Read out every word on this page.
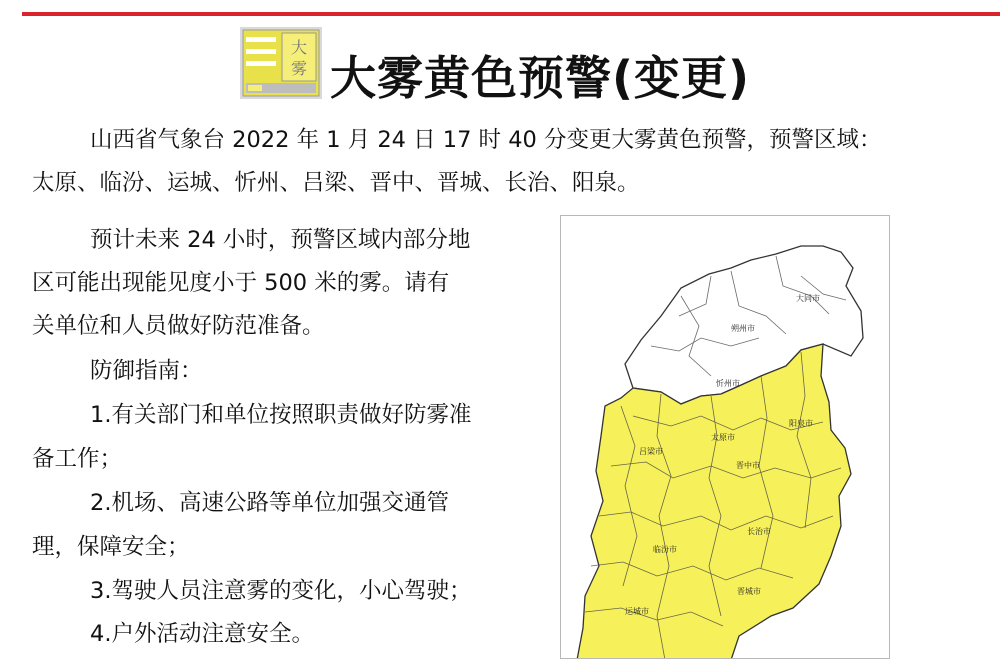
大
雾 大雾黄色预警(变更)
山西省气象台 2022 年 1 月 24 日 17 时 40 分变更大雾黄色预警，预警区域：
太原、临汾、运城、忻州、吕梁、晋中、晋城、长治、阳泉。
预计未来 24 小时，预警区域内部分地
区可能出现能见度小于 500 米的雾。请有
关单位和人员做好防范准备。
防御指南：
1.有关部门和单位按照职责做好防雾准
备工作；
2.机场、高速公路等单位加强交通管
理，保障安全；
3.驾驶人员注意雾的变化，小心驾驶；
4.户外活动注意安全。
大同市
朔州市
忻州市
阳泉市
太原市
吕梁市
晋中市
长治市
临汾市
晋城市
运城市
